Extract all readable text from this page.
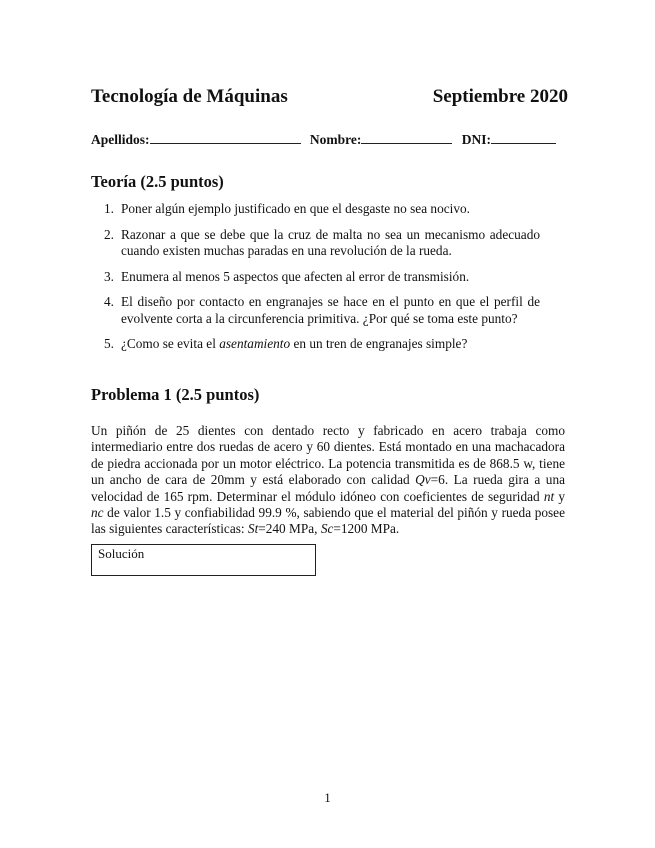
Tecnología de Máquinas	Septiembre 2020
Apellidos:	Nombre:	DNI:
Teoría (2.5 puntos)
1. Poner algún ejemplo justificado en que el desgaste no sea nocivo.
2. Razonar a que se debe que la cruz de malta no sea un mecanismo adecuado cuando existen muchas paradas en una revolución de la rueda.
3. Enumera al menos 5 aspectos que afecten al error de transmisión.
4. El diseño por contacto en engranajes se hace en el punto en que el perfil de evolvente corta a la circunferencia primitiva. ¿Por qué se toma este punto?
5. ¿Como se evita el asentamiento en un tren de engranajes simple?
Problema 1 (2.5 puntos)
Un piñón de 25 dientes con dentado recto y fabricado en acero trabaja como intermediario entre dos ruedas de acero y 60 dientes. Está montado en una machacadora de piedra accionada por un motor eléctrico. La potencia transmitida es de 868.5 w, tiene un ancho de cara de 20mm y está elaborado con calidad Qv=6. La rueda gira a una velocidad de 165 rpm. Determinar el módulo idóneo con coeficientes de seguridad nt y nc de valor 1.5 y confiabilidad 99.9 %, sabiendo que el material del piñón y rueda posee las siguientes características: St=240 MPa, Sc=1200 MPa.
Solución
1
